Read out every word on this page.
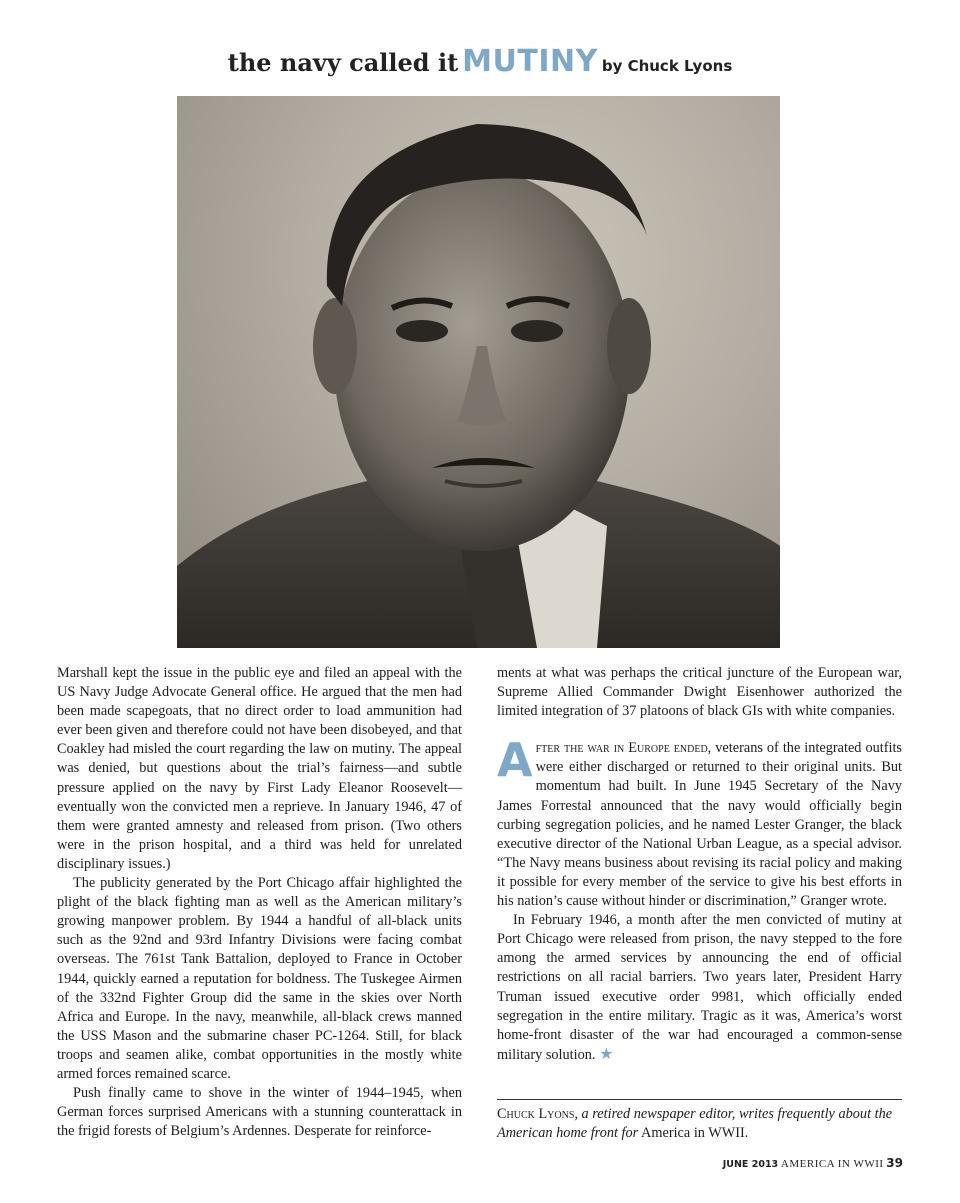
the navy called it MUTINY by Chuck Lyons

Marshall kept the issue in the public eye and filed an appeal with the US Navy Judge Advocate General office. He argued that the men had been made scapegoats, that no direct order to load ammunition had ever been given and therefore could not have been disobeyed, and that Coakley had misled the court regarding the law on mutiny. The appeal was denied, but questions about the trial’s fairness—and subtle pressure applied on the navy by First Lady Eleanor Roosevelt—eventually won the convicted men a reprieve. In January 1946, 47 of them were granted amnesty and released from prison. (Two others were in the prison hospital, and a third was held for unrelated disciplinary issues.)

The publicity generated by the Port Chicago affair highlighted the plight of the black fighting man as well as the American military’s growing manpower problem. By 1944 a handful of all-black units such as the 92nd and 93rd Infantry Divisions were facing combat overseas. The 761st Tank Battalion, deployed to France in October 1944, quickly earned a reputation for boldness. The Tuskegee Airmen of the 332nd Fighter Group did the same in the skies over North Africa and Europe. In the navy, meanwhile, all-black crews manned the USS Mason and the submarine chaser PC-1264. Still, for black troops and seamen alike, combat opportunities in the mostly white armed forces remained scarce.

Push finally came to shove in the winter of 1944–1945, when German forces surprised Americans with a stunning counterattack in the frigid forests of Belgium’s Ardennes. Desperate for reinforce-

ments at what was perhaps the critical juncture of the European war, Supreme Allied Commander Dwight Eisenhower authorized the limited integration of 37 platoons of black GIs with white companies.

After the war in Europe ended, veterans of the integrated outfits were either discharged or returned to their original units. But momentum had built. In June 1945 Secretary of the Navy James Forrestal announced that the navy would officially begin curbing segregation policies, and he named Lester Granger, the black executive director of the National Urban League, as a special advisor. “The Navy means business about revising its racial policy and making it possible for every member of the service to give his best efforts in his nation’s cause without hinder or discrimination,” Granger wrote.

In February 1946, a month after the men convicted of mutiny at Port Chicago were released from prison, the navy stepped to the fore among the armed services by announcing the end of official restrictions on all racial barriers. Two years later, President Harry Truman issued executive order 9981, which officially ended segregation in the entire military. Tragic as it was, America’s worst home-front disaster of the war had encouraged a common-sense military solution. ★

Chuck Lyons, a retired newspaper editor, writes frequently about the American home front for America in WWII.
JUNE 2013 AMERICA IN WWII 39
